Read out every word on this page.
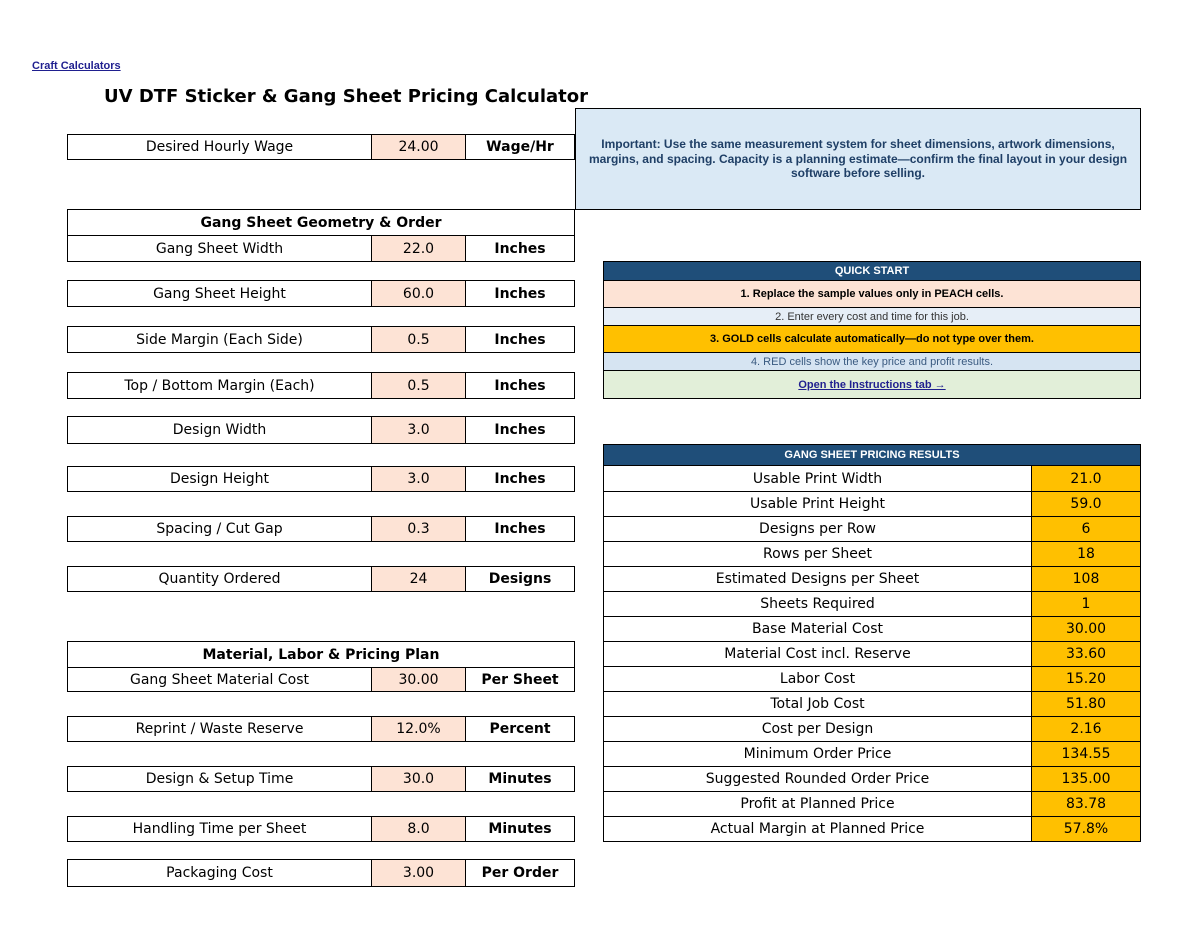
Craft Calculators
UV DTF Sticker & Gang Sheet Pricing Calculator
Desired Hourly Wage	24.00	Wage/Hr	Important: Use the same measurement system for sheet dimensions, artwork dimensions, margins, and spacing. Capacity is a planning estimate—confirm the final layout in your design software before selling.
Gang Sheet Geometry & Order
Gang Sheet Width	22.0	Inches
Gang Sheet Height	60.0	Inches
Side Margin (Each Side)	0.5	Inches
Top / Bottom Margin (Each)	0.5	Inches
Design Width	3.0	Inches
Design Height	3.0	Inches
Spacing / Cut Gap	0.3	Inches
Quantity Ordered	24	Designs
Material, Labor & Pricing Plan
Gang Sheet Material Cost	30.00	Per Sheet
Reprint / Waste Reserve	12.0%	Percent
Design & Setup Time	30.0	Minutes
Handling Time per Sheet	8.0	Minutes
Packaging Cost	3.00	Per Order
QUICK START
1. Replace the sample values only in PEACH cells.
2. Enter every cost and time for this job.
3. GOLD cells calculate automatically—do not type over them.
4. RED cells show the key price and profit results.
Open the Instructions tab →
GANG SHEET PRICING RESULTS
Usable Print Width	21.0
Usable Print Height	59.0
Designs per Row	6
Rows per Sheet	18
Estimated Designs per Sheet	108
Sheets Required	1
Base Material Cost	30.00
Material Cost incl. Reserve	33.60
Labor Cost	15.20
Total Job Cost	51.80
Cost per Design	2.16
Minimum Order Price	134.55
Suggested Rounded Order Price	135.00
Profit at Planned Price	83.78
Actual Margin at Planned Price	57.8%
